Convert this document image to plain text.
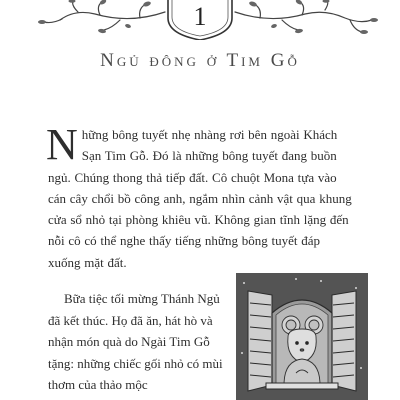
1
Ngủ đông ở Tim Gỗ

Những bông tuyết nhẹ nhàng rơi bên ngoài Khách Sạn Tim Gỗ. Đó là những bông tuyết đang buồn ngủ. Chúng thong thả tiếp đất. Cô chuột Mona tựa vào cán cây chổi bồ công anh, ngắm nhìn cảnh vật qua khung cửa sổ nhỏ tại phòng khiêu vũ. Không gian tĩnh lặng đến nỗi cô có thể nghe thấy tiếng những bông tuyết đáp xuống mặt đất.

Bữa tiệc tối mừng Thánh Ngủ đã kết thúc. Họ đã ăn, hát hò và nhận món quà do Ngài Tim Gỗ tặng: những chiếc gối nhỏ có mùi thơm của thảo mộc
